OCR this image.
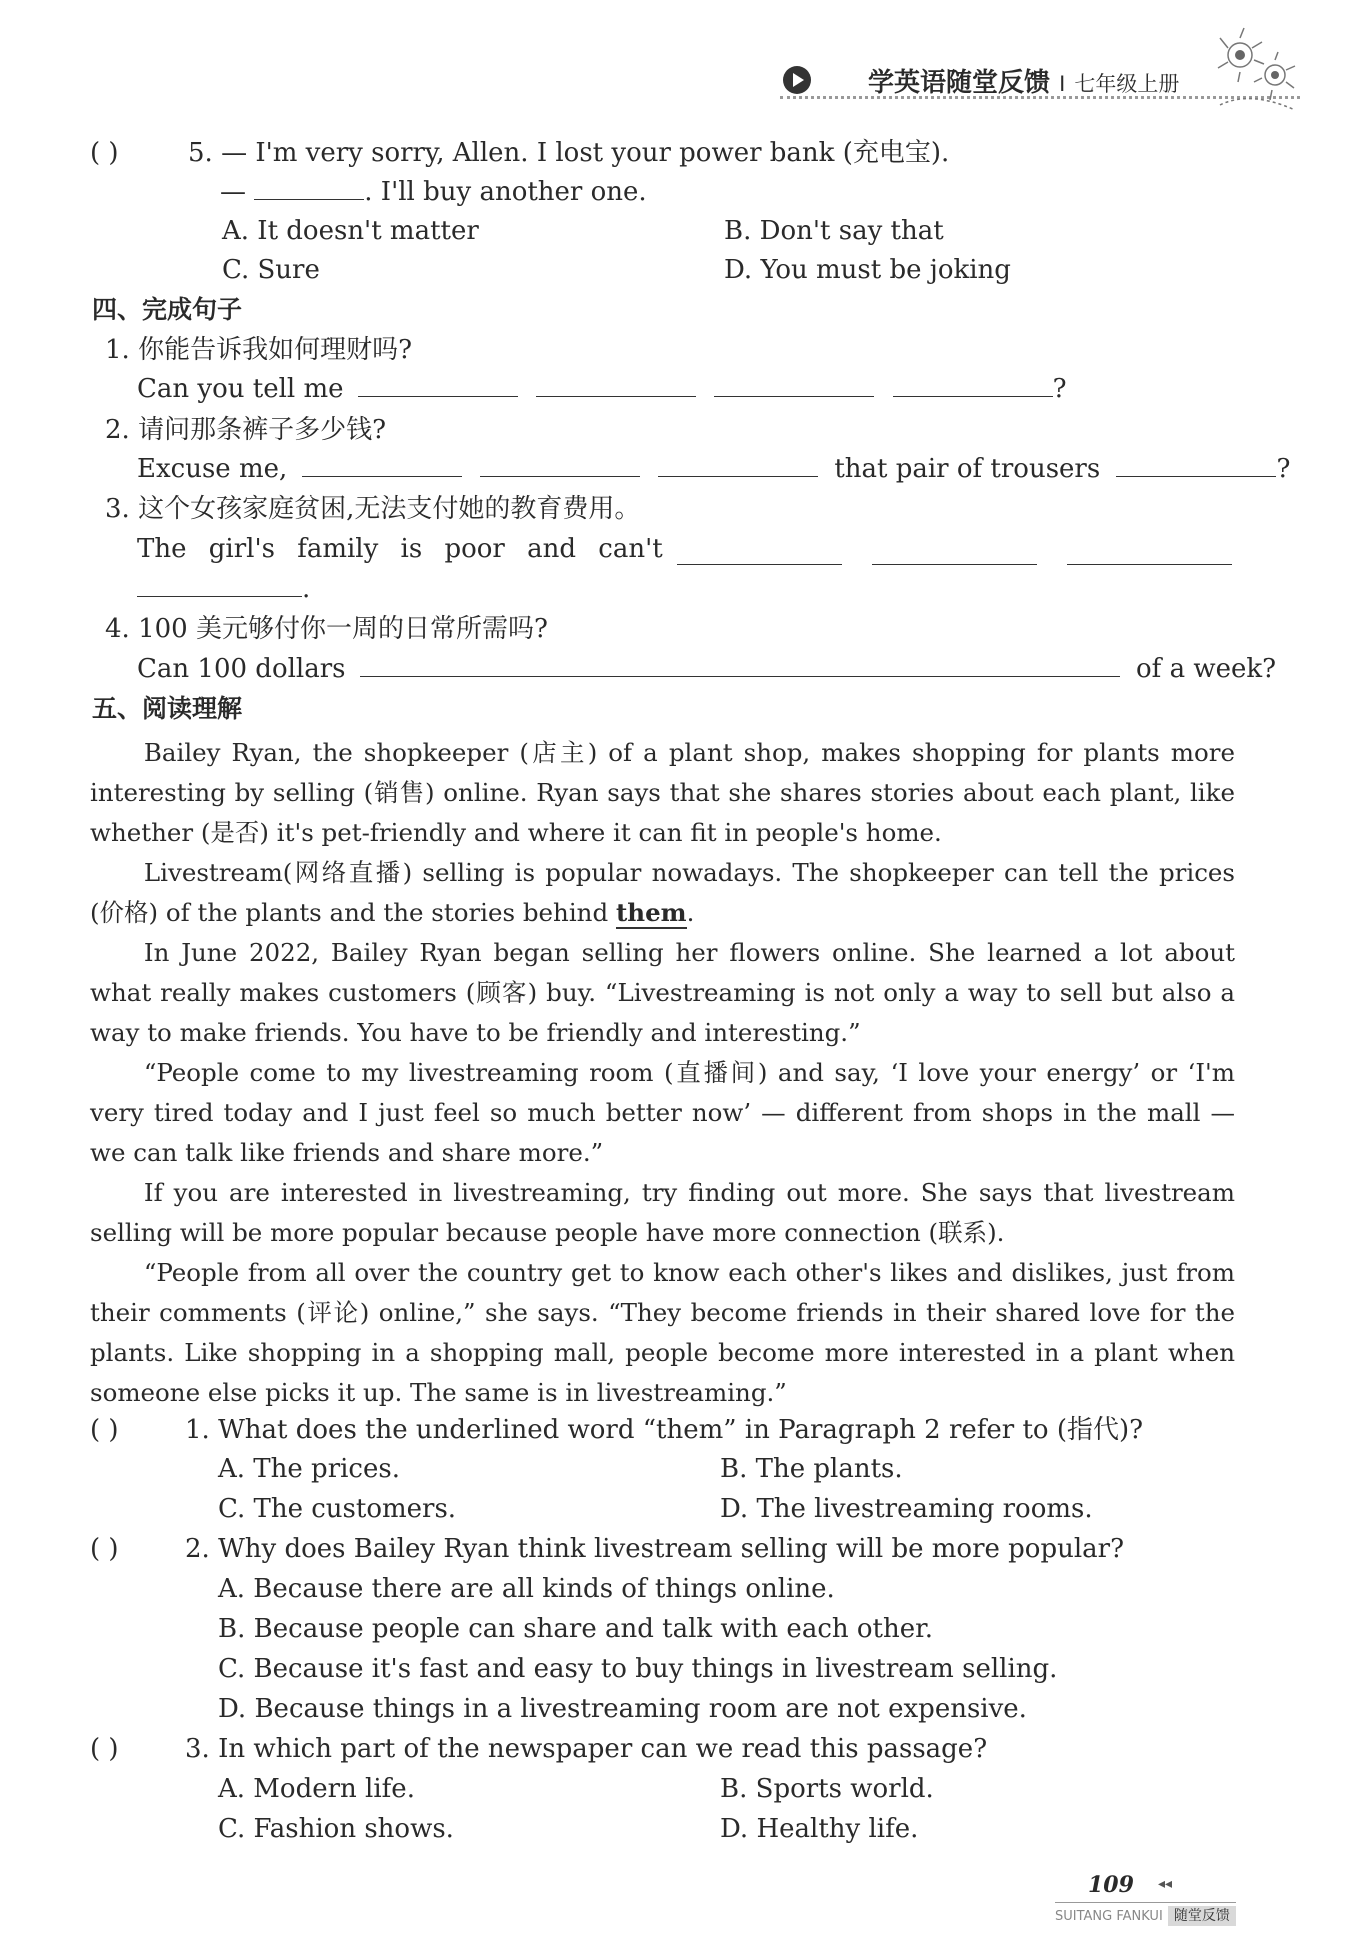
学英语随堂反馈 I 七年级上册
( )	5. — I'm very sorry, Allen. I lost your power bank (充电宝).
—	. I'll buy another one.
A. It doesn't matter	B. Don't say that
C. Sure	D. You must be joking
四、完成句子
1. 你能告诉我如何理财吗?
Can you tell me	?
2. 请问那条裤子多少钱?
Excuse me,	that pair of trousers	?
3. 这个女孩家庭贫困,无法支付她的教育费用。
The girl's family is poor and can't
.
4. 100 美元够付你一周的日常所需吗?
Can 100 dollars	of a week?
五、阅读理解

Bailey Ryan, the shopkeeper (店主) of a plant shop, makes shopping for plants more interesting by selling (销售) online. Ryan says that she shares stories about each plant, like whether (是否) it's pet-friendly and where it can fit in people's home.

Livestream(网络直播) selling is popular nowadays. The shopkeeper can tell the prices (价格) of the plants and the stories behind them.

In June 2022, Bailey Ryan began selling her flowers online. She learned a lot about what really makes customers (顾客) buy. “Livestreaming is not only a way to sell but also a way to make friends. You have to be friendly and interesting.”

“People come to my livestreaming room (直播间) and say, ‘I love your energy’ or ‘I'm very tired today and I just feel so much better now’ — different from shops in the mall — we can talk like friends and share more.”

If you are interested in livestreaming, try finding out more. She says that livestream selling will be more popular because people have more connection (联系).

“People from all over the country get to know each other's likes and dislikes, just from their comments (评论) online,” she says. “They become friends in their shared love for the plants. Like shopping in a shopping mall, people become more interested in a plant when someone else picks it up. The same is in livestreaming.”

( )	1. What does the underlined word “them” in Paragraph 2 refer to (指代)?
A. The prices.	B. The plants.
C. The customers.	D. The livestreaming rooms.
( )	2. Why does Bailey Ryan think livestream selling will be more popular?
A. Because there are all kinds of things online.
B. Because people can share and talk with each other.
C. Because it's fast and easy to buy things in livestream selling.
D. Because things in a livestreaming room are not expensive.
( )	3. In which part of the newspaper can we read this passage?
A. Modern life.	B. Sports world.
C. Fashion shows.	D. Healthy life.
109 ◂◂
SUITANG FANKUI 随堂反馈
